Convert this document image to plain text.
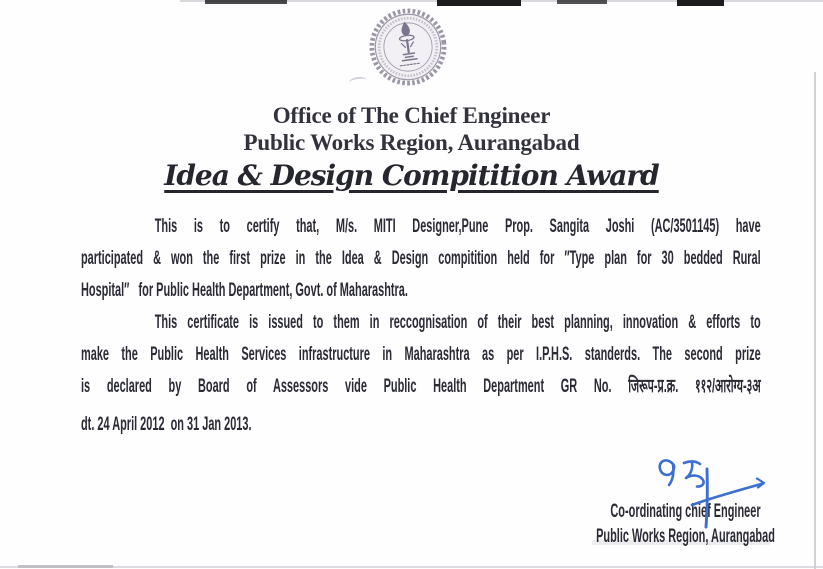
Office of The Chief Engineer
Public Works Region, Aurangabad
Idea & Design Compitition Award
This is to certify that, M/s. MITI Designer,Pune Prop. Sangita Joshi (AC/3501145) have
participated & won the first prize in the Idea & Design compitition held for ″Type plan for 30 bedded Rural
Hospital″   for Public Health Department, Govt. of Maharashtra.
This certificate is issued to them in reccognisation of their best planning, innovation & efforts to
make the Public Health Services infrastructure in Maharashtra as per I.P.H.S. standerds. The second prize
is declared by Board of Assessors vide Public Health Department GR No. जिरूप-प्र.क्र. ११२/आरोग्य-३अ
dt. 24 April 2012  on 31 Jan 2013.
Co-ordinating chief Engineer
Public Works Region, Aurangabad
